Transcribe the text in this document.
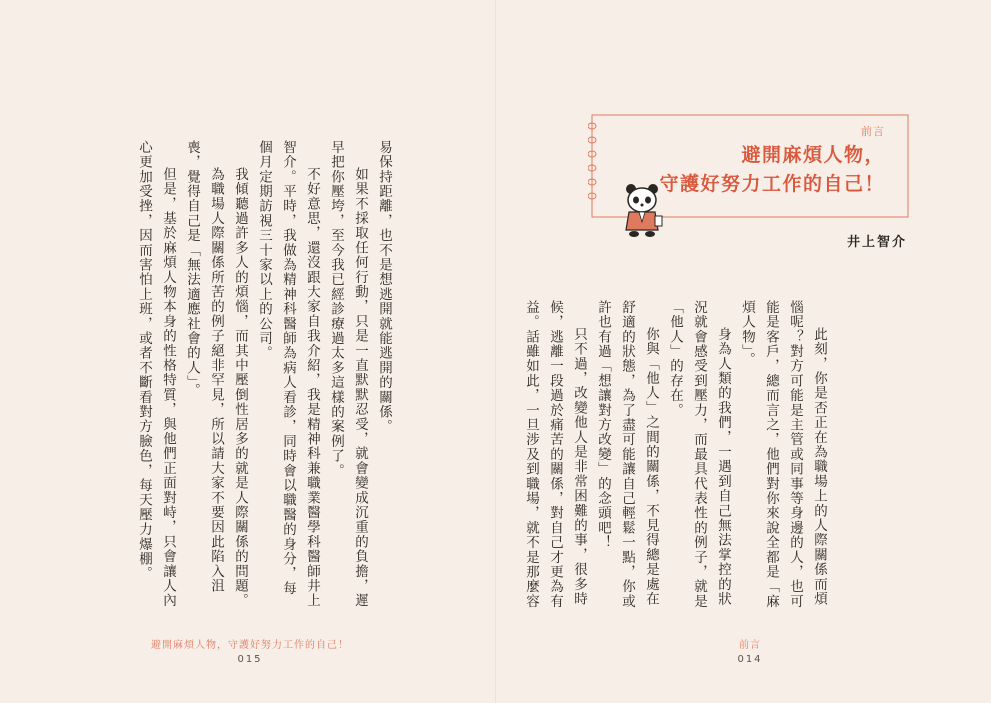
易保持距離，也不是想逃開就能逃開的關係。

如果不採取任何行動，只是一直默默忍受，就會變成沉重的負擔，遲早把你壓垮，至今我已經診療過太多這樣的案例了。

不好意思，還沒跟大家自我介紹，我是精神科兼職業醫學科醫師井上智介。平時，我做為精神科醫師為病人看診，同時會以職醫的身分，每個月定期訪視三十家以上的公司。

我傾聽過許多人的煩惱，而其中壓倒性居多的就是人際關係的問題。

為職場人際關係所苦的例子絕非罕見，所以請大家不要因此陷入沮喪，覺得自己是「無法適應社會的人」。

但是，基於麻煩人物本身的性格特質，與他們正面對峙，只會讓人內心更加受挫，因而害怕上班，或者不斷看對方臉色，每天壓力爆棚。

避開麻煩人物，守護好努力工作的自己！
015
前言
避開麻煩人物，
守護好努力工作的自己！
井上智介

此刻，你是否正在為職場上的人際關係而煩惱呢？對方可能是主管或同事等身邊的人，也可能是客戶，總而言之，他們對你來說全都是「麻煩人物」。

身為人類的我們，一遇到自己無法掌控的狀況就會感受到壓力，而最具代表性的例子，就是「他人」的存在。

你與「他人」之間的關係，不見得總是處在舒適的狀態，為了盡可能讓自己輕鬆一點，你或許也有過「想讓對方改變」的念頭吧！

只不過，改變他人是非常困難的事，很多時候，逃離一段過於痛苦的關係，對自己才更為有益。話雖如此，一旦涉及到職場，就不是那麼容

前言
014
